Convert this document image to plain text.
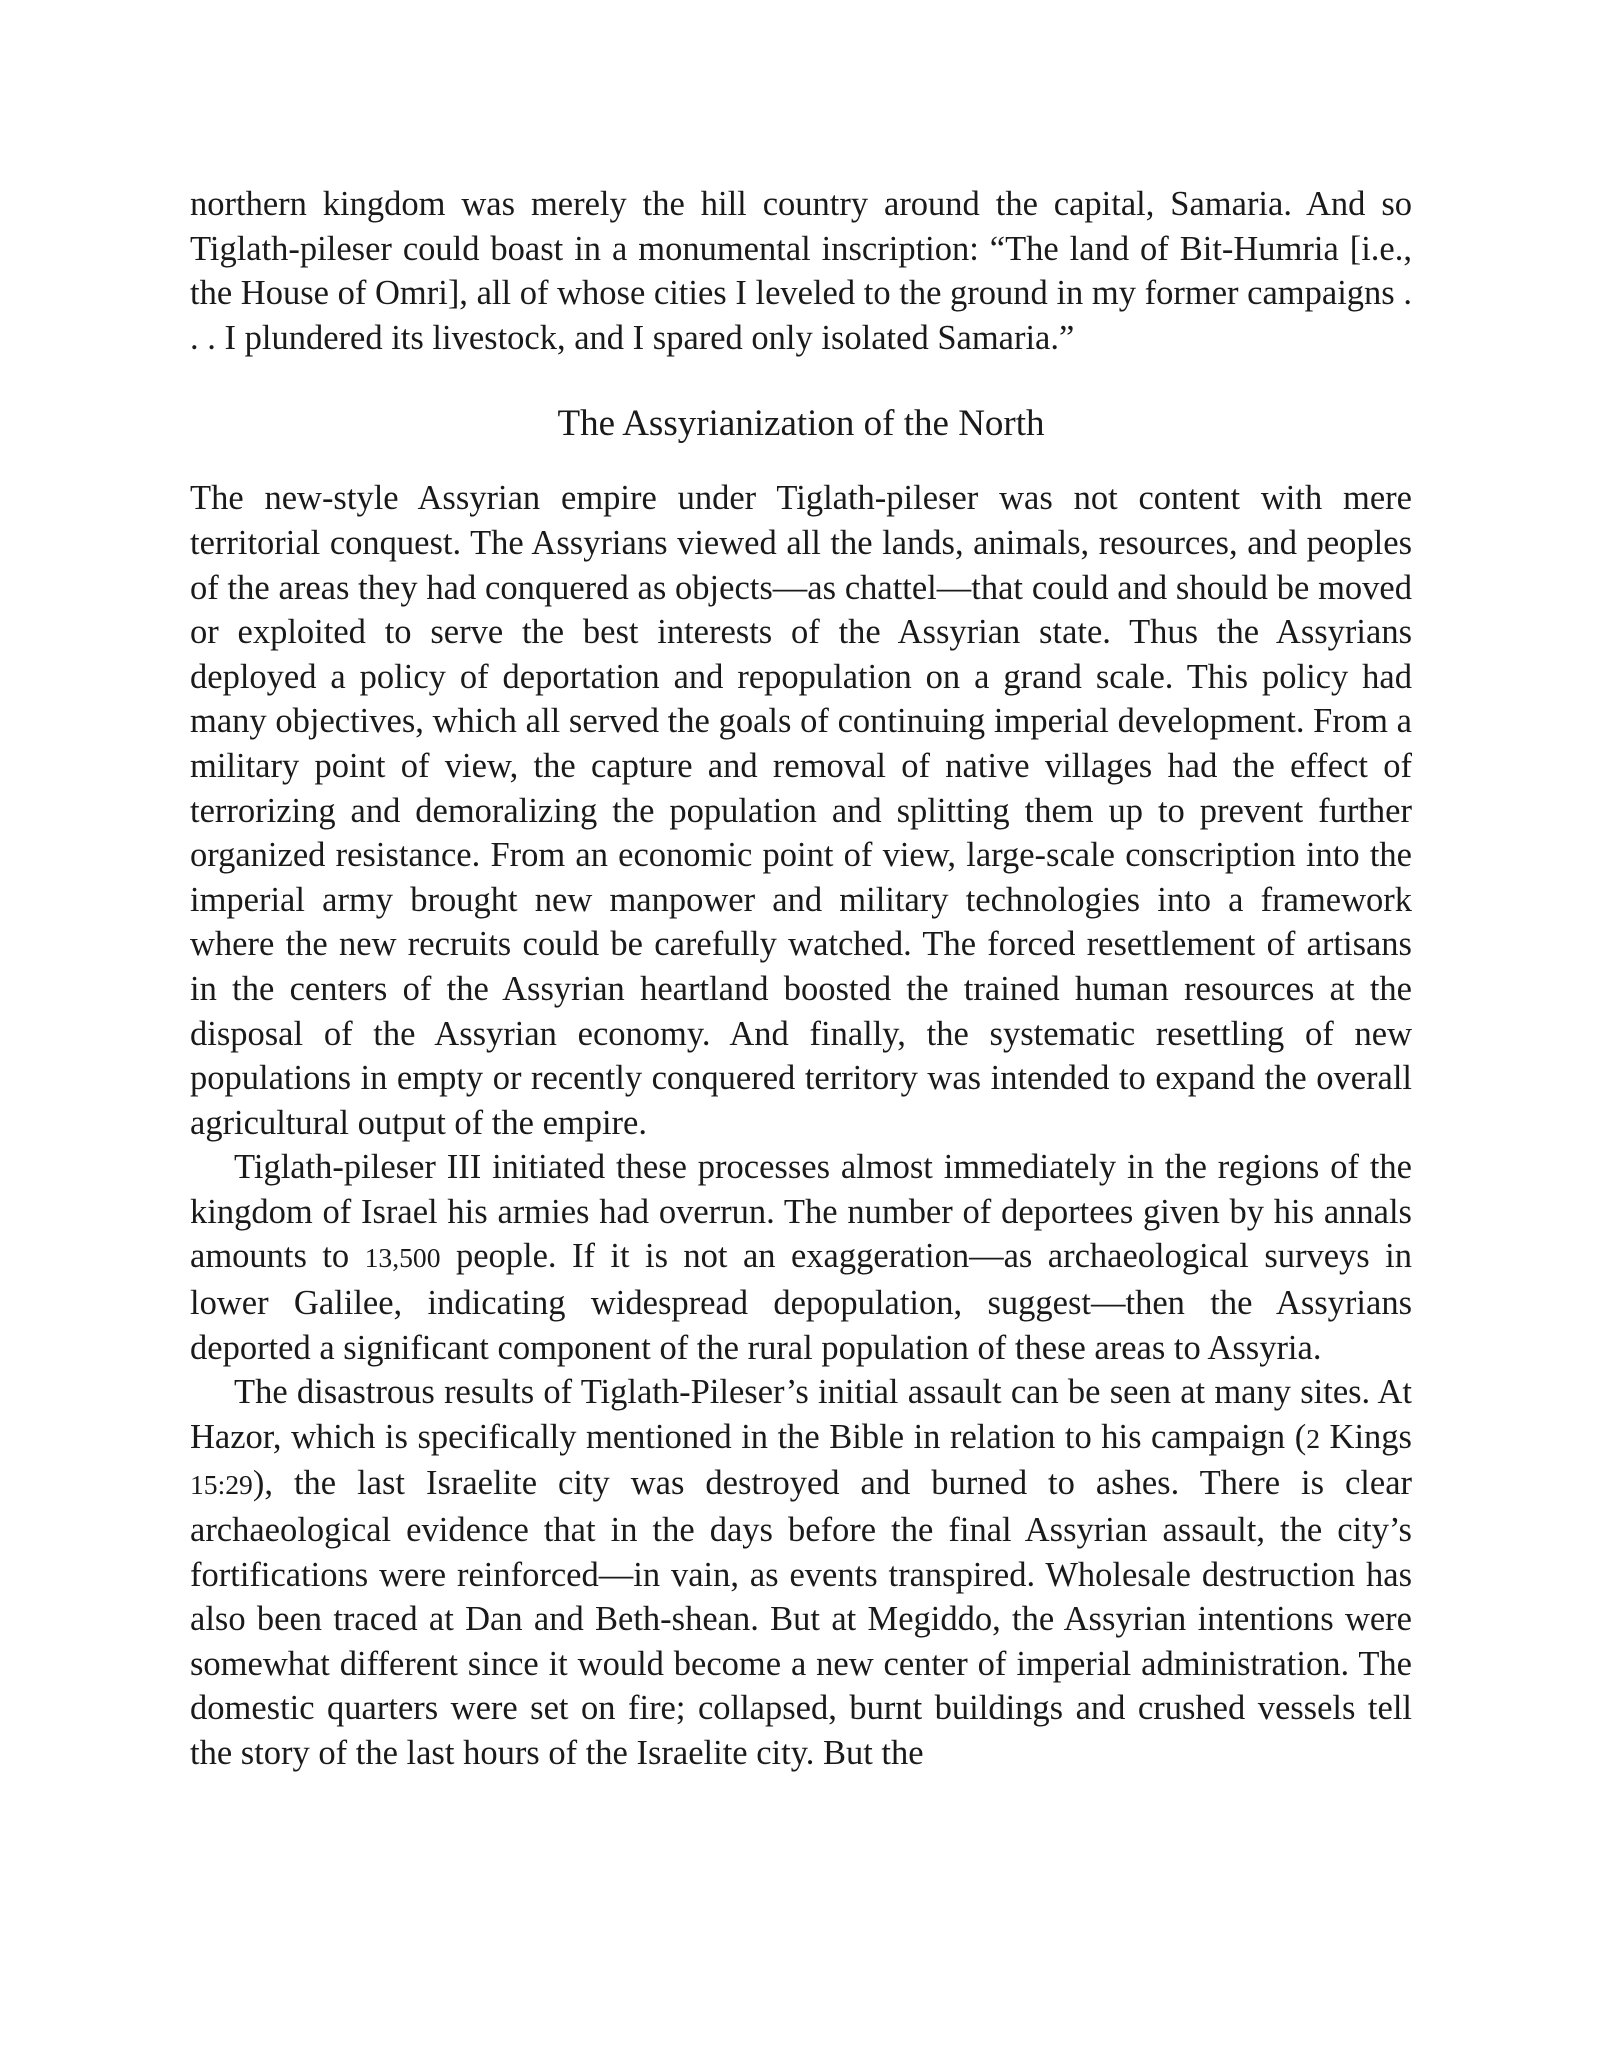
northern kingdom was merely the hill country around the capital, Samaria. And so Tiglath-pileser could boast in a monumental inscription: “The land of Bit-Humria [i.e., the House of Omri], all of whose cities I leveled to the ground in my former campaigns . . . I plundered its livestock, and I spared only isolated Samaria.”

The Assyrianization of the North

The new-style Assyrian empire under Tiglath-pileser was not content with mere territorial conquest. The Assyrians viewed all the lands, animals, resources, and peoples of the areas they had conquered as objects—as chattel—that could and should be moved or exploited to serve the best interests of the Assyrian state. Thus the Assyrians deployed a policy of deportation and repopulation on a grand scale. This policy had many objectives, which all served the goals of continuing imperial development. From a military point of view, the capture and removal of native villages had the effect of terrorizing and demoralizing the population and splitting them up to prevent further organized resistance. From an economic point of view, large-scale conscription into the imperial army brought new manpower and military technologies into a framework where the new recruits could be carefully watched. The forced resettlement of artisans in the centers of the Assyrian heartland boosted the trained human resources at the disposal of the Assyrian economy. And finally, the systematic resettling of new populations in empty or recently conquered territory was intended to expand the overall agricultural output of the empire.

Tiglath-pileser III initiated these processes almost immediately in the regions of the kingdom of Israel his armies had overrun. The number of deportees given by his annals amounts to 13,500 people. If it is not an exaggeration—as archaeological surveys in lower Galilee, indicating widespread depopulation, suggest—then the Assyrians deported a significant component of the rural population of these areas to Assyria.

The disastrous results of Tiglath-Pileser’s initial assault can be seen at many sites. At Hazor, which is specifically mentioned in the Bible in relation to his campaign (2 Kings 15:29), the last Israelite city was destroyed and burned to ashes. There is clear archaeological evidence that in the days before the final Assyrian assault, the city’s fortifications were reinforced—in vain, as events transpired. Wholesale destruction has also been traced at Dan and Beth-shean. But at Megiddo, the Assyrian intentions were somewhat different since it would become a new center of imperial administration. The domestic quarters were set on fire; collapsed, burnt buildings and crushed vessels tell the story of the last hours of the Israelite city. But the
